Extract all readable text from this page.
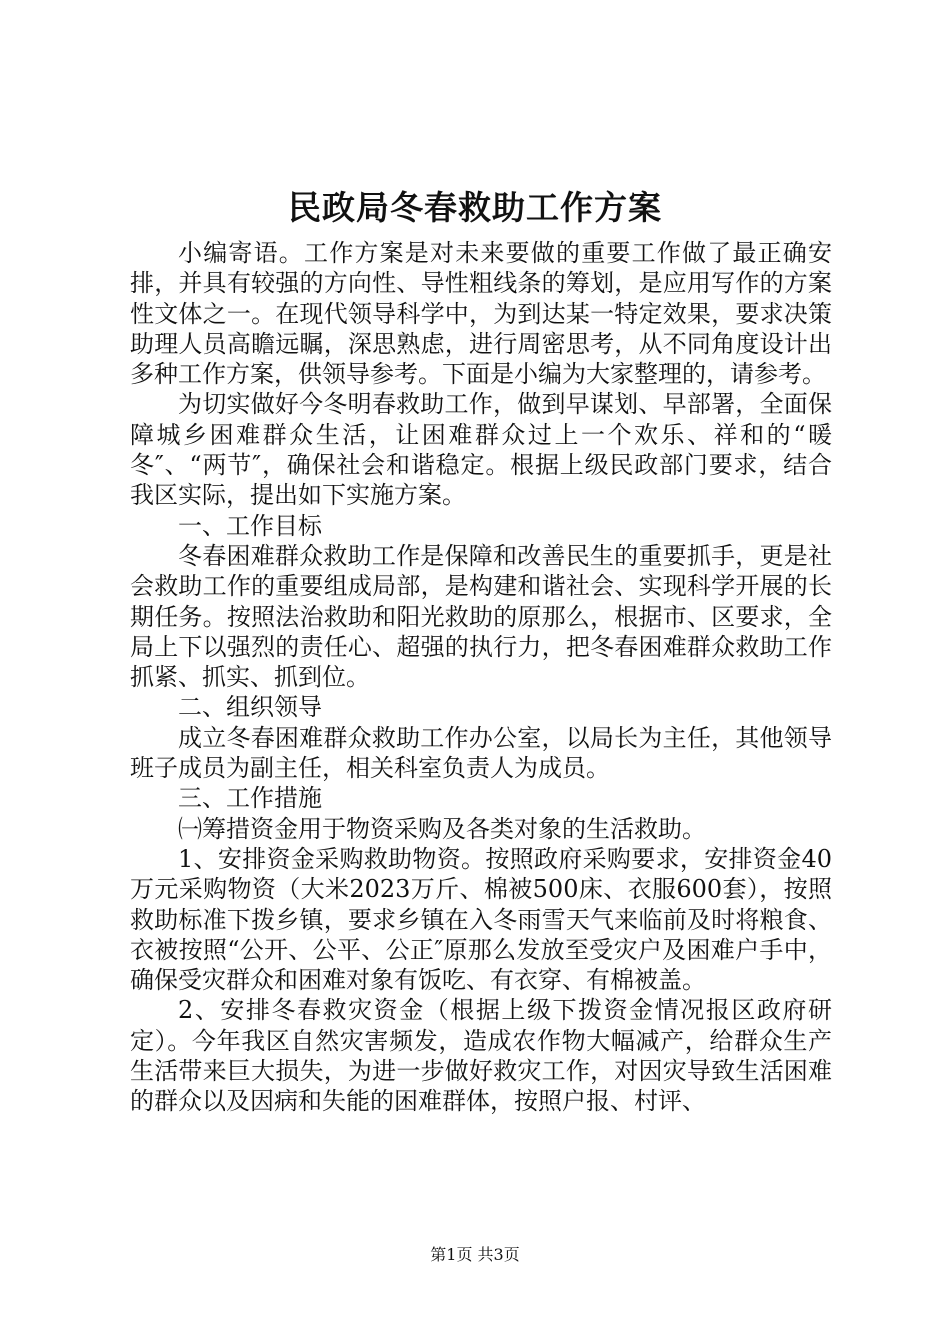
民政局冬春救助工作方案

小编寄语。工作方案是对未来要做的重要工作做了最正确安排，并具有较强的方向性、导性粗线条的筹划，是应用写作的方案性文体之一。在现代领导科学中，为到达某一特定效果，要求决策助理人员高瞻远瞩，深思熟虑，进行周密思考，从不同角度设计出多种工作方案，供领导参考。下面是小编为大家整理的，请参考。

为切实做好今冬明春救助工作，做到早谋划、早部署，全面保障城乡困难群众生活，让困难群众过上一个欢乐、祥和的“暖冬″、“两节″，确保社会和谐稳定。根据上级民政部门要求，结合我区实际，提出如下实施方案。

一、工作目标

冬春困难群众救助工作是保障和改善民生的重要抓手，更是社会救助工作的重要组成局部，是构建和谐社会、实现科学开展的长期任务。按照法治救助和阳光救助的原那么，根据市、区要求，全局上下以强烈的责任心、超强的执行力，把冬春困难群众救助工作抓紧、抓实、抓到位。

二、组织领导

成立冬春困难群众救助工作办公室，以局长为主任，其他领导班子成员为副主任，相关科室负责人为成员。

三、工作措施

㈠筹措资金用于物资采购及各类对象的生活救助。

1、安排资金采购救助物资。按照政府采购要求，安排资金40万元采购物资（大米2023万斤、棉被500床、衣服600套），按照救助标准下拨乡镇，要求乡镇在入冬雨雪天气来临前及时将粮食、衣被按照“公开、公平、公正″原那么发放至受灾户及困难户手中，确保受灾群众和困难对象有饭吃、有衣穿、有棉被盖。

2、安排冬春救灾资金（根据上级下拨资金情况报区政府研定）。今年我区自然灾害频发，造成农作物大幅减产，给群众生产生活带来巨大损失，为进一步做好救灾工作，对因灾导致生活困难的群众以及因病和失能的困难群体，按照户报、村评、

第1页 共3页
